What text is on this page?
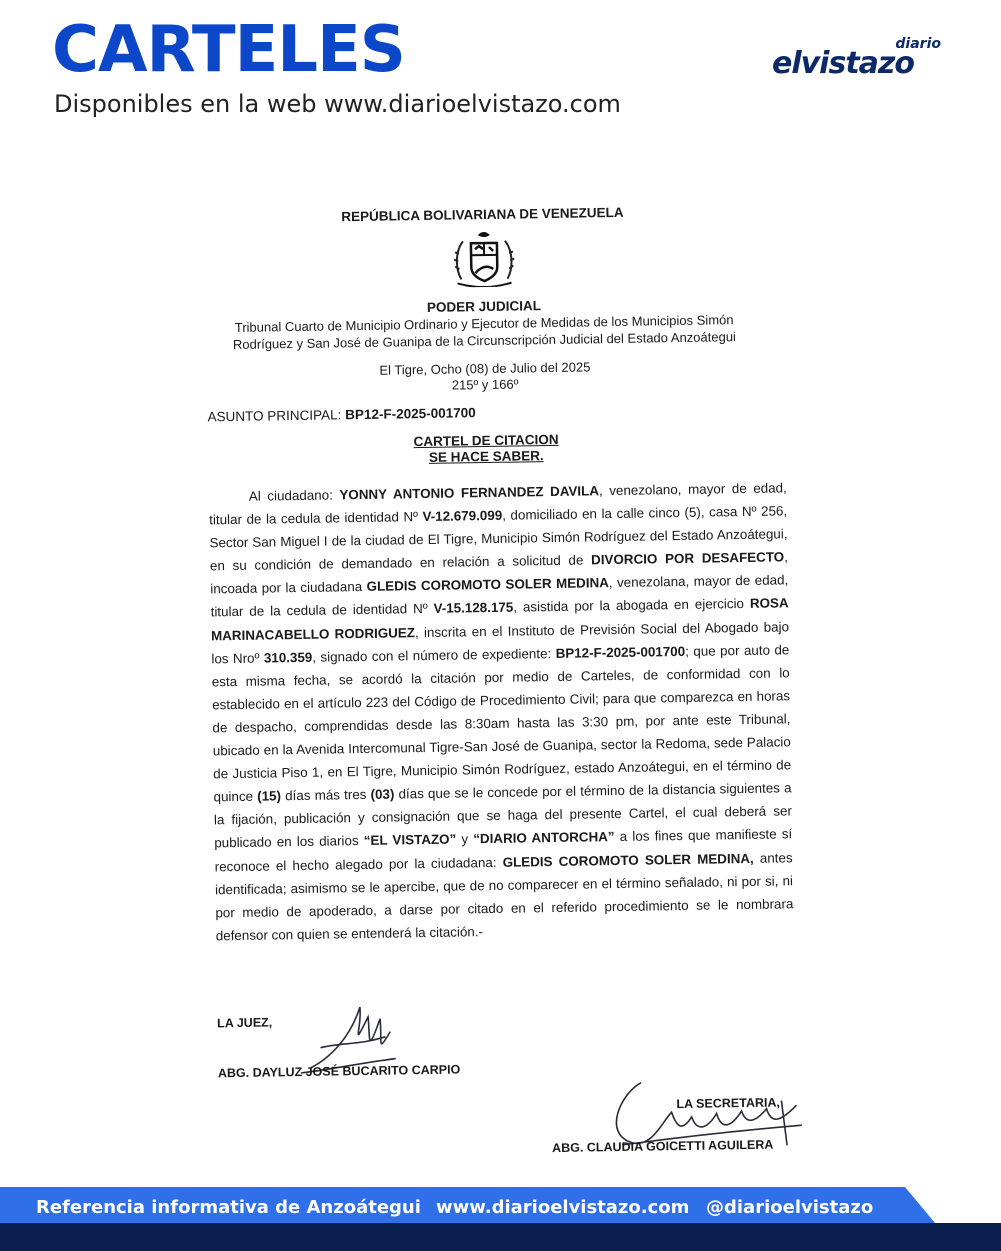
CARTELES
Disponibles en la web www.diarioelvistazo.com
diario
elvistazo
REPÚBLICA BOLIVARIANA DE VENEZUELA
PODER JUDICIAL
Tribunal Cuarto de Municipio Ordinario y Ejecutor de Medidas de los Municipios Simón
Rodríguez y San José de Guanipa de la Circunscripción Judicial del Estado Anzoátegui
El Tigre, Ocho (08) de Julio del 2025
215º y 166º
ASUNTO PRINCIPAL: BP12-F-2025-001700
CARTEL DE CITACION
SE HACE SABER.

Al ciudadano: YONNY ANTONIO FERNANDEZ DAVILA, venezolano, mayor de edad, titular de la cedula de identidad Nº V-12.679.099, domiciliado en la calle cinco (5), casa Nº 256, Sector San Miguel I de la ciudad de El Tigre, Municipio Simón Rodríguez del Estado Anzoátegui, en su condición de demandado en relación a solicitud de DIVORCIO POR DESAFECTO, incoada por la ciudadana GLEDIS COROMOTO SOLER MEDINA, venezolana, mayor de edad, titular de la cedula de identidad Nº V-15.128.175, asistida por la abogada en ejercicio ROSA MARINACABELLO RODRIGUEZ, inscrita en el Instituto de Previsión Social del Abogado bajo los Nroº 310.359, signado con el número de expediente: BP12-F-2025-001700; que por auto de esta misma fecha, se acordó la citación por medio de Carteles, de conformidad con lo establecido en el artículo 223 del Código de Procedimiento Civil; para que comparezca en horas de despacho, comprendidas desde las 8:30am hasta las 3:30 pm, por ante este Tribunal, ubicado en la Avenida Intercomunal Tigre-San José de Guanipa, sector la Redoma, sede Palacio de Justicia Piso 1, en El Tigre, Municipio Simón Rodríguez, estado Anzoátegui, en el término de quince (15) días más tres (03) días que se le concede por el término de la distancia siguientes a la fijación, publicación y consignación que se haga del presente Cartel, el cual deberá ser publicado en los diarios “EL VISTAZO” y “DIARIO ANTORCHA” a los fines que manifieste sí reconoce el hecho alegado por la ciudadana: GLEDIS COROMOTO SOLER MEDINA, antes identificada; asimismo se le apercibe, que de no comparecer en el término señalado, ni por si, ni por medio de apoderado, a darse por citado en el referido procedimiento se le nombrara defensor con quien se entenderá la citación.-

LA JUEZ,
ABG. DAYLUZ JOSÉ BUCARITO CARPIO
LA SECRETARIA,
ABG. CLAUDIA GOICETTI AGUILERA
Referencia informativa de Anzoátegui www.diarioelvistazo.com @diarioelvistazo
